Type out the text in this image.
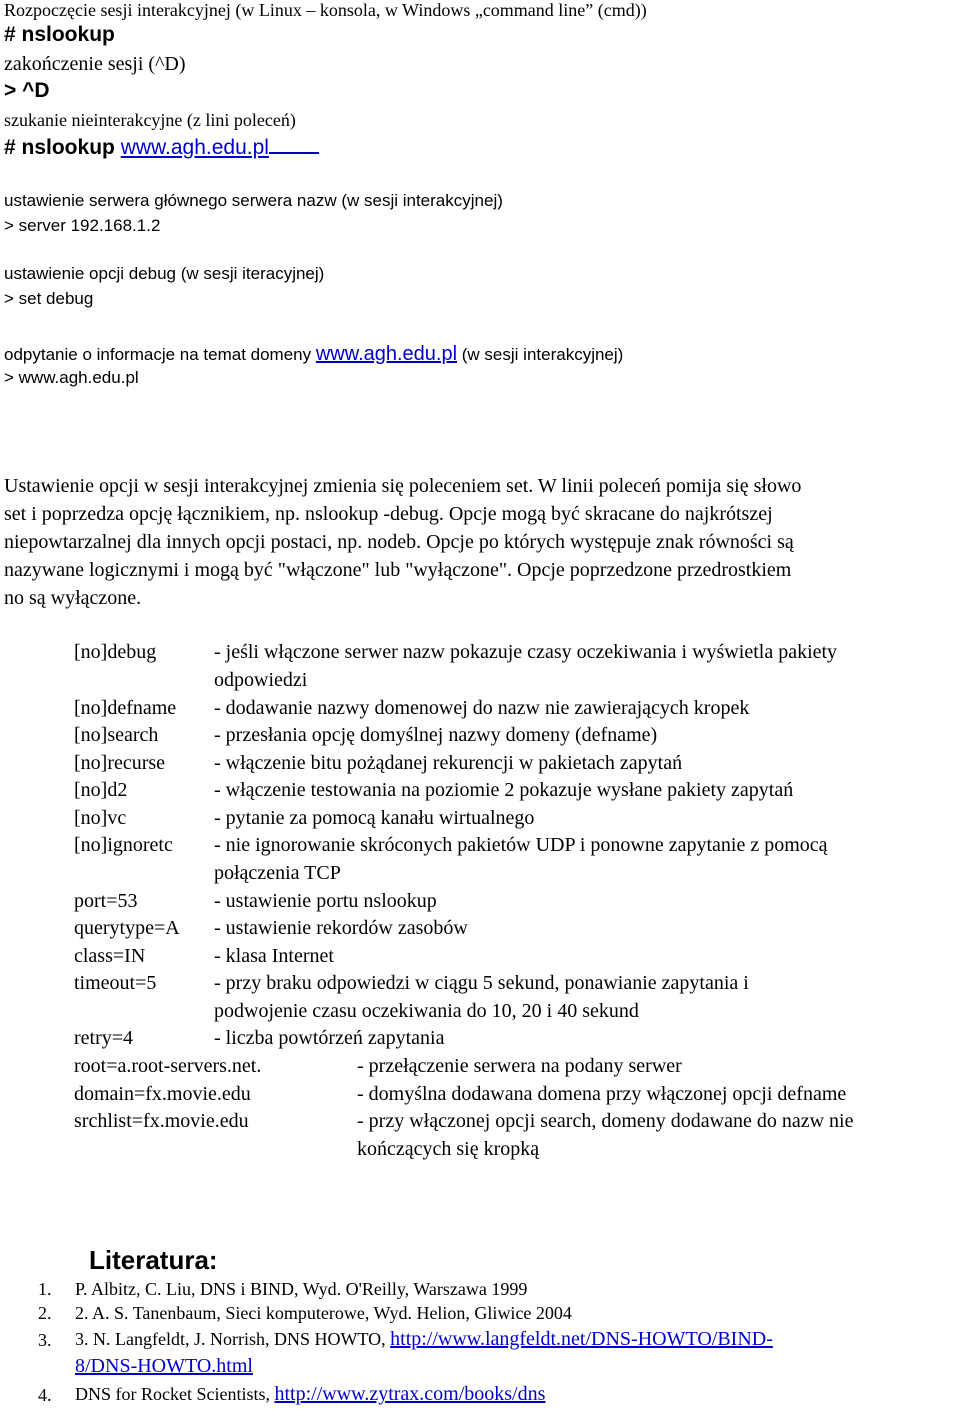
Rozpoczęcie sesji interakcyjnej (w Linux – konsola, w Windows „command line” (cmd))
# nslookup
zakończenie sesji (^D)
> ^D
szukanie nieinterakcyjne (z lini poleceń)
# nslookup www.agh.edu.pl
ustawienie serwera głównego serwera nazw (w sesji interakcyjnej)
> server 192.168.1.2
ustawienie opcji debug (w sesji iteracyjnej)
> set debug
odpytanie o informacje na temat domeny www.agh.edu.pl (w sesji interakcyjnej)
> www.agh.edu.pl
Ustawienie opcji w sesji interakcyjnej zmienia się poleceniem set. W linii poleceń pomija się słowo
set i poprzedza opcję łącznikiem, np. nslookup -debug. Opcje mogą być skracane do najkrótszej
niepowtarzalnej dla innych opcji postaci, np. nodeb. Opcje po których występuje znak równości są
nazywane logicznymi i mogą być "włączone" lub "wyłączone". Opcje poprzedzone przedrostkiem
no są wyłączone.
[no]debug	- jeśli włączone serwer nazw pokazuje czasy oczekiwania i wyświetla pakiety
odpowiedzi
[no]defname - dodawanie nazwy domenowej do nazw nie zawierających kropek
[no]search	- przesłania opcję domyślnej nazwy domeny (defname)
[no]recurse - włączenie bitu pożądanej rekurencji w pakietach zapytań
[no]d2	- włączenie testowania na poziomie 2 pokazuje wysłane pakiety zapytań
[no]vc	- pytanie za pomocą kanału wirtualnego
[no]ignoretc - nie ignorowanie skróconych pakietów UDP i ponowne zapytanie z pomocą
połączenia TCP
port=53	- ustawienie portu nslookup
querytype=A - ustawienie rekordów zasobów
class=IN	- klasa Internet
timeout=5	- przy braku odpowiedzi w ciągu 5 sekund, ponawianie zapytania i
podwojenie czasu oczekiwania do 10, 20 i 40 sekund
retry=4	- liczba powtórzeń zapytania
root=a.root-servers.net.	- przełączenie serwera na podany serwer
domain=fx.movie.edu	- domyślna dodawana domena przy włączonej opcji defname
srchlist=fx.movie.edu	- przy włączonej opcji search, domeny dodawane do nazw nie
kończących się kropką
Literatura:
1. P. Albitz, C. Liu, DNS i BIND, Wyd. O'Reilly, Warszawa 1999
2. 2. A. S. Tanenbaum, Sieci komputerowe, Wyd. Helion, Gliwice 2004
3. 3. N. Langfeldt, J. Norrish, DNS HOWTO, http://www.langfeldt.net/DNS-HOWTO/BIND-
8/DNS-HOWTO.html
4. DNS for Rocket Scientists, http://www.zytrax.com/books/dns
